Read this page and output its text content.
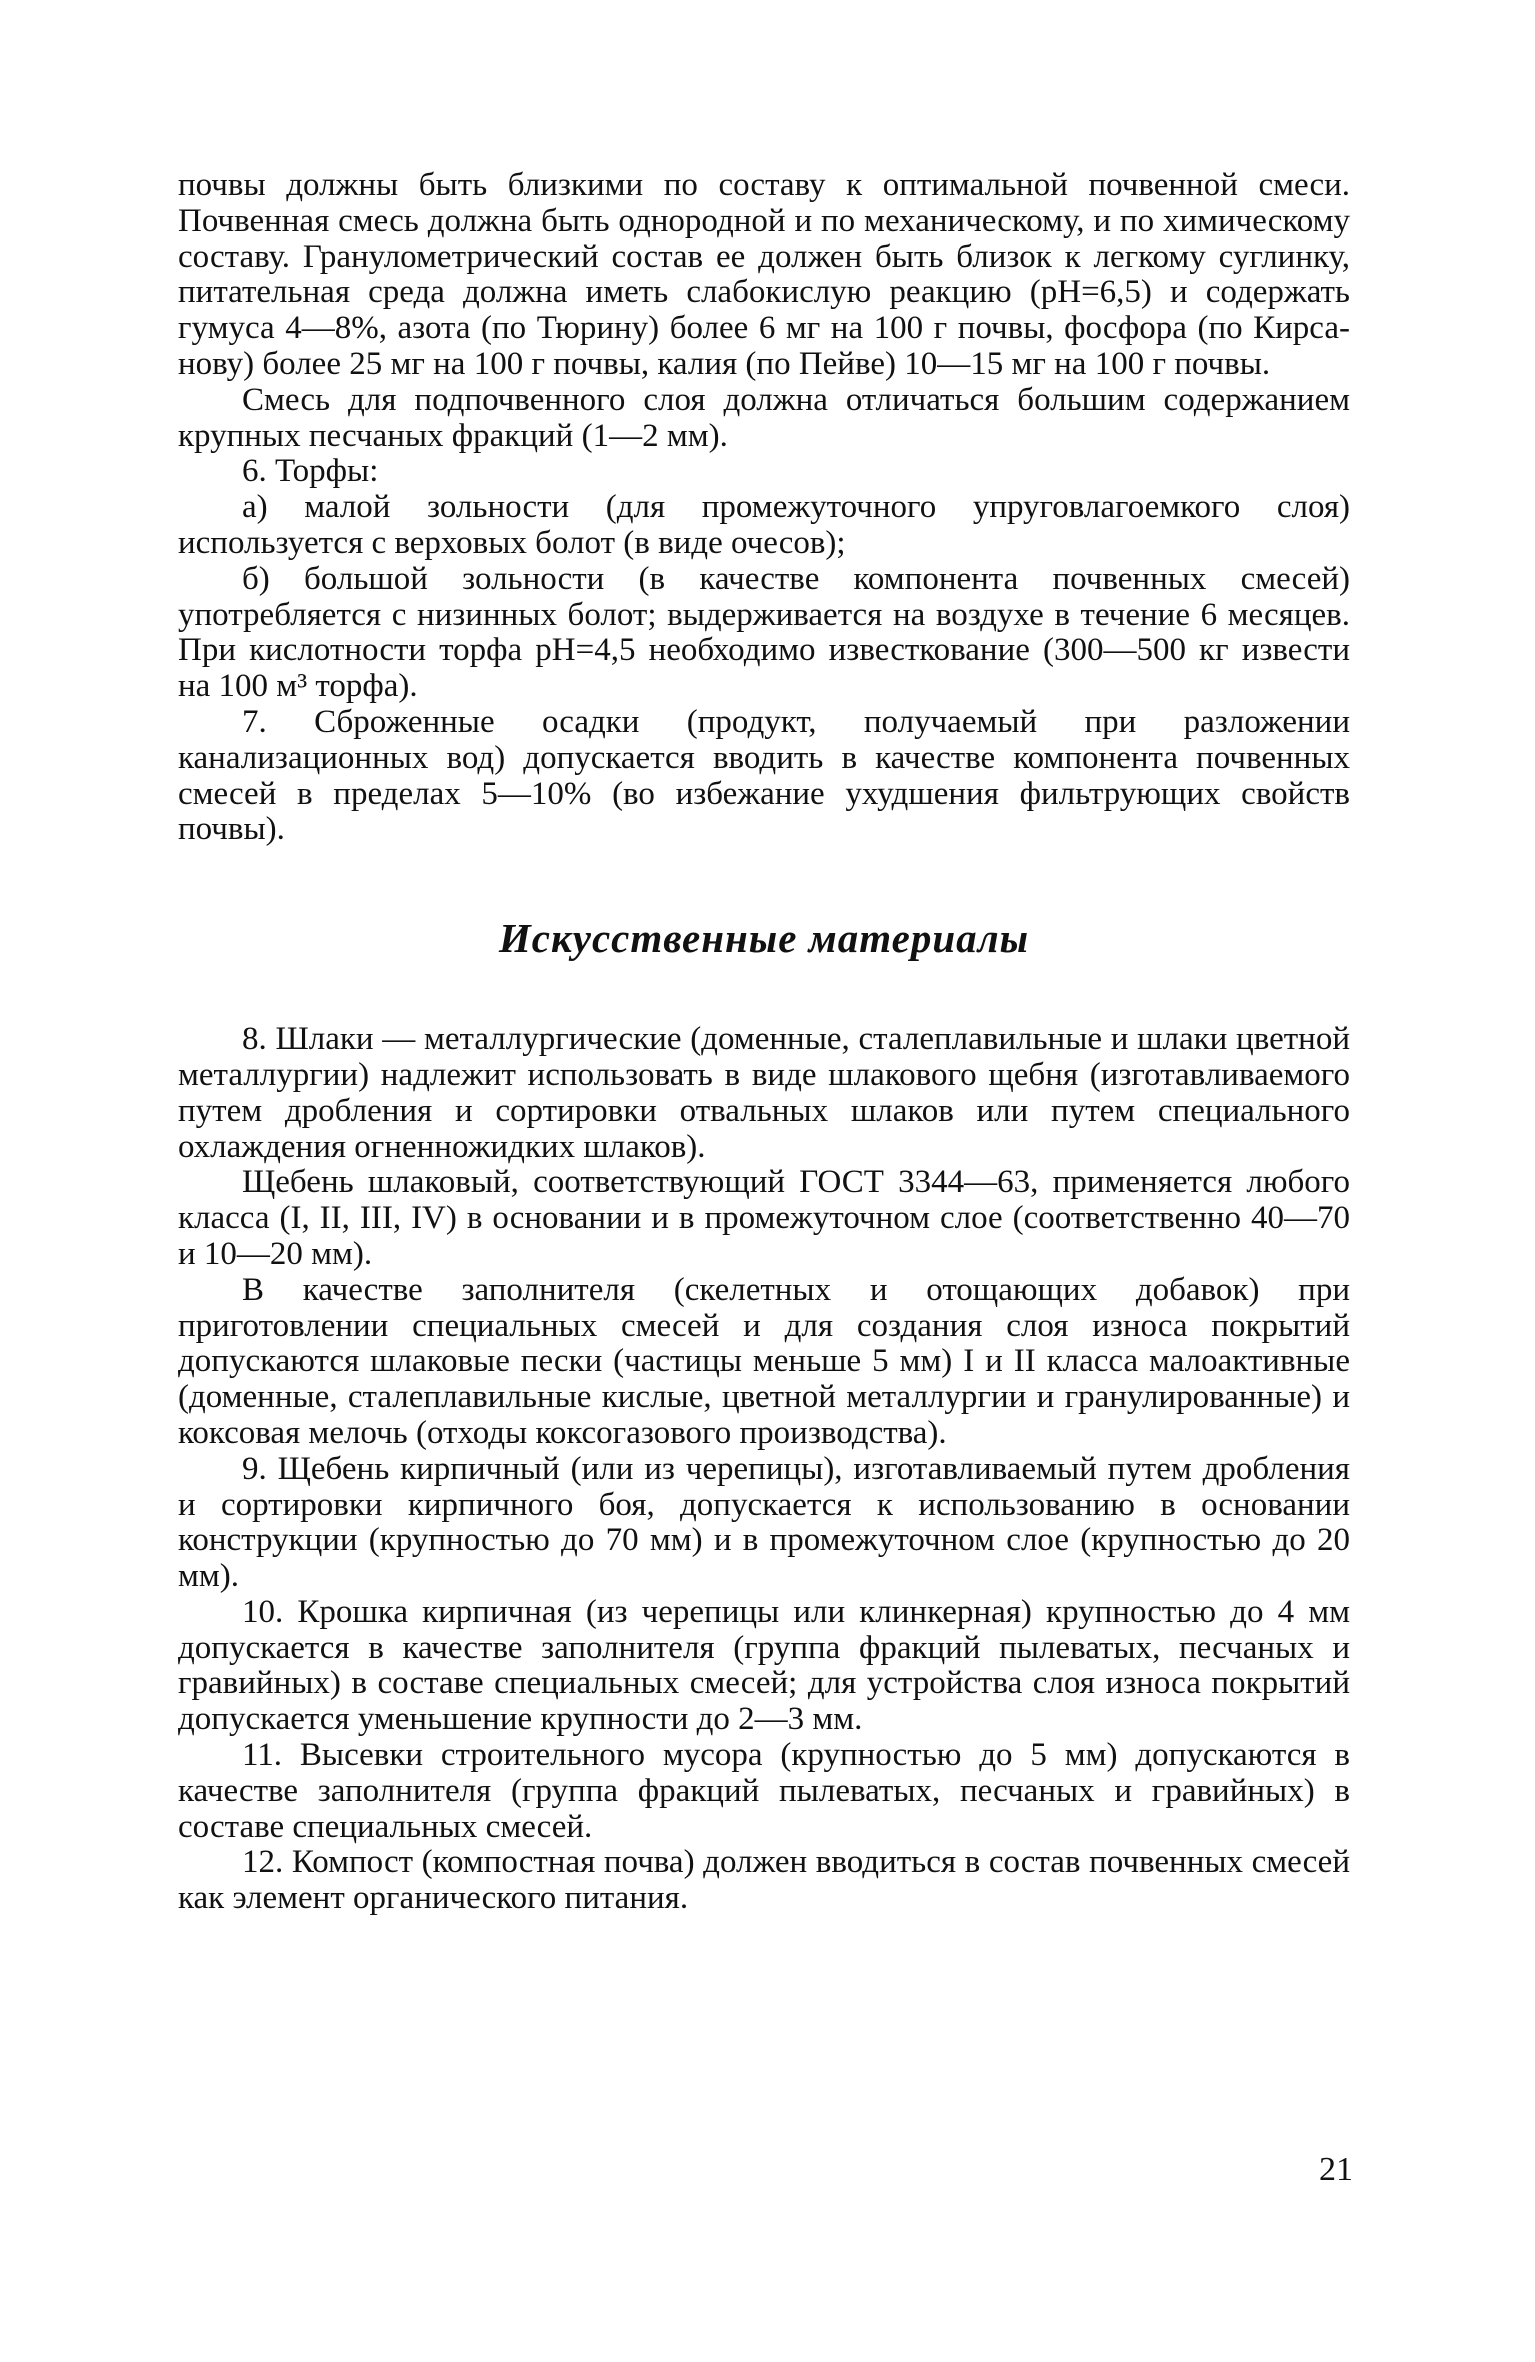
почвы должны быть близкими по составу к оптимальной почвенной смеси. Почвенная смесь должна быть однородной и по механическому, и по химическому составу. Гранулометрический состав ее должен быть близок к легкому суглинку, питательная среда должна иметь слабокислую реакцию (рН=6,5) и содержать гумуса 4—8%, азота (по Тюрину) более 6 мг на 100 г почвы, фосфора (по Кирсанову) более 25 мг на 100 г почвы, калия (по Пейве) 10—15 мг на 100 г почвы.

Смесь для подпочвенного слоя должна отличаться большим содержанием крупных песчаных фракций (1—2 мм).

6. Торфы:

а) малой зольности (для промежуточного упруговлагоемкого слоя) используется с верховых болот (в виде очесов);

б) большой зольности (в качестве компонента почвенных смесей) употребляется с низинных болот; выдерживается на воздухе в течение 6 месяцев. При кислотности торфа рН=4,5 необходимо известкование (300—500 кг извести на 100 м³ торфа).

7. Сброженные осадки (продукт, получаемый при разложении канализационных вод) допускается вводить в качестве компонента почвенных смесей в пределах 5—10% (во избежание ухудшения фильтрующих свойств почвы).

Искусственные материалы

8. Шлаки — металлургические (доменные, сталеплавильные и шлаки цветной металлургии) надлежит использовать в виде шлакового щебня (изготавливаемого путем дробления и сортировки отвальных шлаков или путем специального охлаждения огненножидких шлаков).

Щебень шлаковый, соответствующий ГОСТ 3344—63, применяется любого класса (I, II, III, IV) в основании и в промежуточном слое (соответственно 40—70 и 10—20 мм).

В качестве заполнителя (скелетных и отощающих добавок) при приготовлении специальных смесей и для создания слоя износа покрытий допускаются шлаковые пески (частицы меньше 5 мм) I и II класса малоактивные (доменные, сталеплавильные кислые, цветной металлургии и гранулированные) и коксовая мелочь (отходы коксогазового производства).

9. Щебень кирпичный (или из черепицы), изготавливаемый путем дробления и сортировки кирпичного боя, допускается к использованию в основании конструкции (крупностью до 70 мм) и в промежуточном слое (крупностью до 20 мм).

10. Крошка кирпичная (из черепицы или клинкерная) крупностью до 4 мм допускается в качестве заполнителя (группа фракций пылеватых, песчаных и гравийных) в составе специальных смесей; для устройства слоя износа покрытий допускается уменьшение крупности до 2—3 мм.

11. Высевки строительного мусора (крупностью до 5 мм) допускаются в качестве заполнителя (группа фракций пылеватых, песчаных и гравийных) в составе специальных смесей.

12. Компост (компостная почва) должен вводиться в состав почвенных смесей как элемент органического питания.

21
